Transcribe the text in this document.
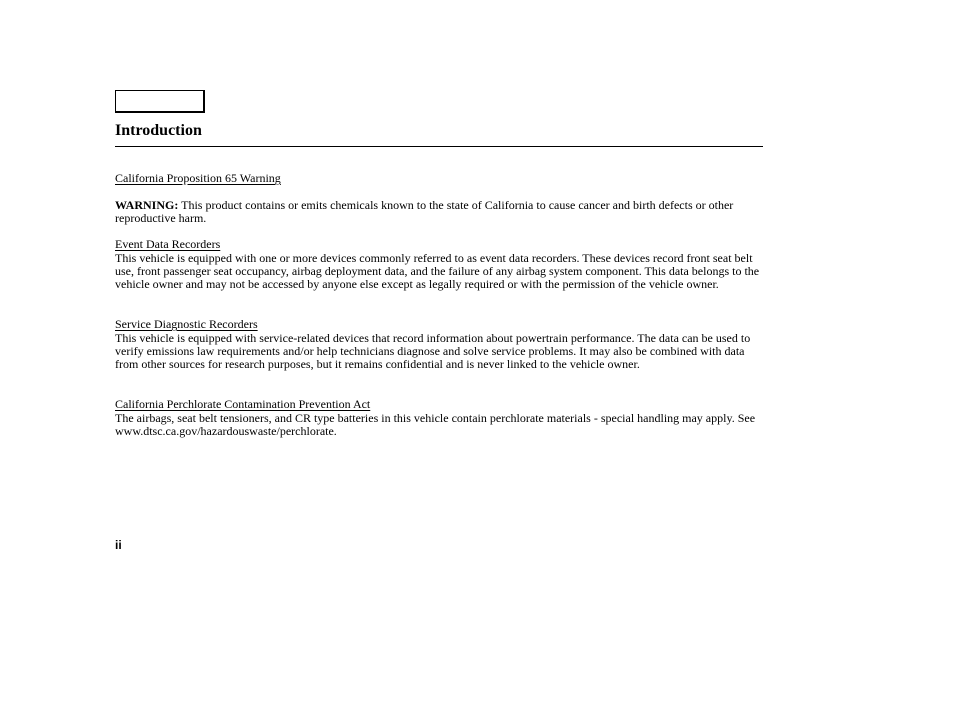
Introduction
California Proposition 65 Warning

WARNING: This product contains or emits chemicals known to the state of California to cause cancer and birth defects or other reproductive harm.

Event Data Recorders

This vehicle is equipped with one or more devices commonly referred to as event data recorders. These devices record front seat belt use, front passenger seat occupancy, airbag deployment data, and the failure of any airbag system component. This data belongs to the vehicle owner and may not be accessed by anyone else except as legally required or with the permission of the vehicle owner.

Service Diagnostic Recorders

This vehicle is equipped with service-related devices that record information about powertrain performance. The data can be used to verify emissions law requirements and/or help technicians diagnose and solve service problems. It may also be combined with data from other sources for research purposes, but it remains confidential and is never linked to the vehicle owner.

California Perchlorate Contamination Prevention Act

The airbags, seat belt tensioners, and CR type batteries in this vehicle contain perchlorate materials - special handling may apply. See www.dtsc.ca.gov/hazardouswaste/perchlorate.

ii
